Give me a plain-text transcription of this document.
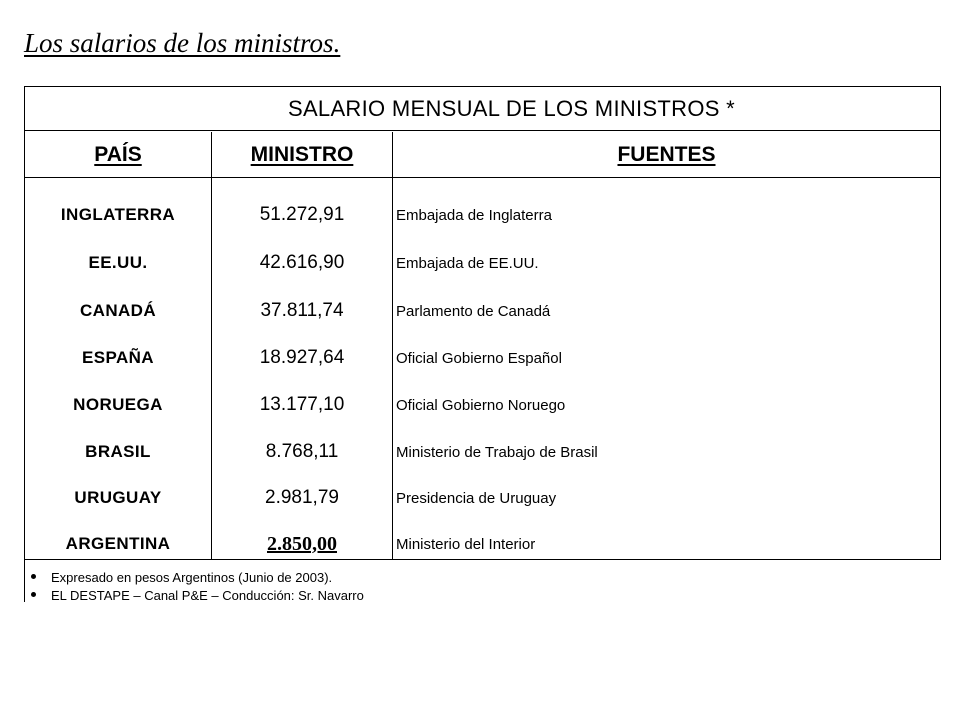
Los salarios de los ministros.
SALARIO MENSUAL DE LOS MINISTROS *
PAÍS	MINISTRO	FUENTES
INGLATERRA	51.272,91	Embajada de Inglaterra
EE.UU.	42.616,90	Embajada de EE.UU.
CANADÁ	37.811,74	Parlamento de Canadá
ESPAÑA	18.927,64	Oficial Gobierno Español
NORUEGA	13.177,10	Oficial Gobierno Noruego
BRASIL	8.768,11	Ministerio de Trabajo de Brasil
URUGUAY	2.981,79	Presidencia de Uruguay
ARGENTINA	2.850,00	Ministerio del Interior
Expresado en pesos Argentinos (Junio de 2003).
EL DESTAPE – Canal P&E – Conducción: Sr. Navarro
